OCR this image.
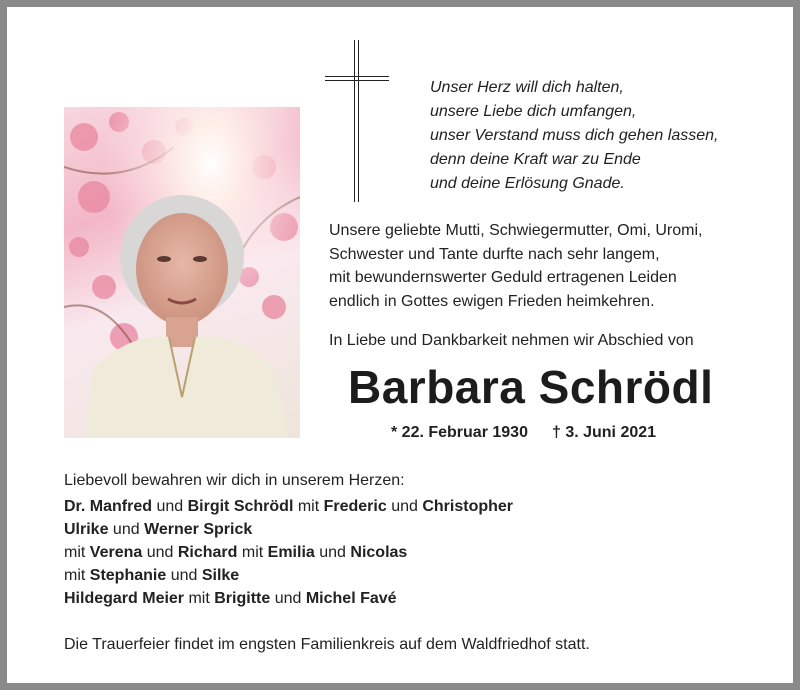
Unser Herz will dich halten,
unsere Liebe dich umfangen,
unser Verstand muss dich gehen lassen,
denn deine Kraft war zu Ende
und deine Erlösung Gnade.
Unsere geliebte Mutti, Schwiegermutter, Omi, Uromi,
Schwester und Tante durfte nach sehr langem,
mit bewundernswerter Geduld ertragenen Leiden
endlich in Gottes ewigen Frieden heimkehren.
In Liebe und Dankbarkeit nehmen wir Abschied von
Barbara Schrödl
* 22. Februar 1930 † 3. Juni 2021
Liebevoll bewahren wir dich in unserem Herzen:
Dr. Manfred und Birgit Schrödl mit Frederic und Christopher
Ulrike und Werner Sprick
mit Verena und Richard mit Emilia und Nicolas
mit Stephanie und Silke
Hildegard Meier mit Brigitte und Michel Favé
Die Trauerfeier findet im engsten Familienkreis auf dem Waldfriedhof statt.
